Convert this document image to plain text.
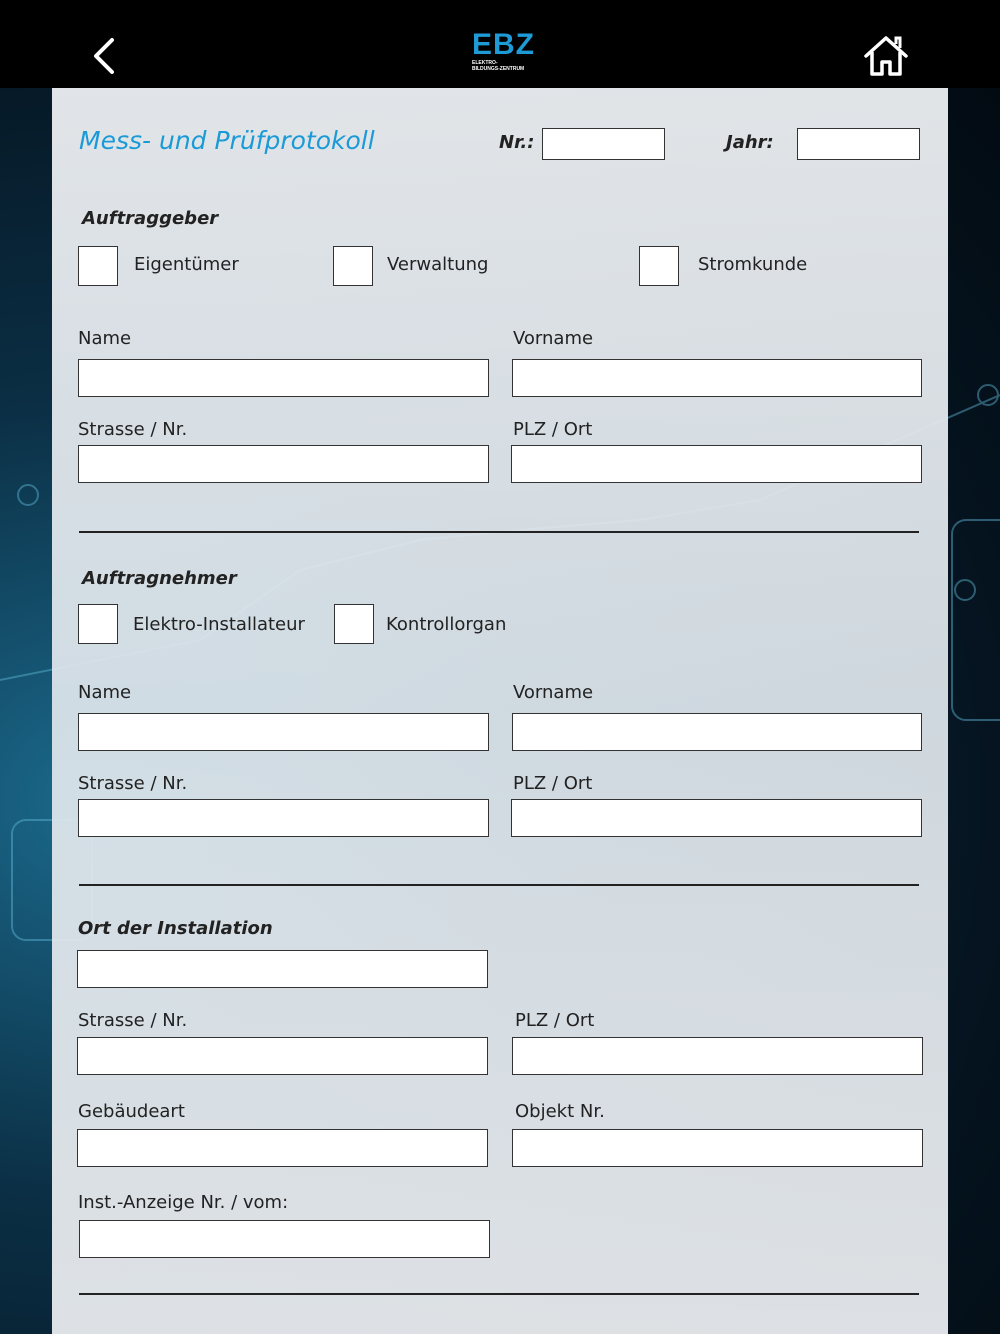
EBZ
ELEKTRO-
BILDUNGS-ZENTRUM
Mess- und Prüfprotokoll	Nr.:	Jahr:
Auftraggeber
Eigentümer	Verwaltung	Stromkunde
Name	Vorname
Strasse / Nr.	PLZ / Ort
Auftragnehmer
Elektro-Installateur	Kontrollorgan
Name	Vorname
Strasse / Nr.	PLZ / Ort
Ort der Installation
Strasse / Nr.	PLZ / Ort
Gebäudeart	Objekt Nr.
Inst.-Anzeige Nr. / vom:
